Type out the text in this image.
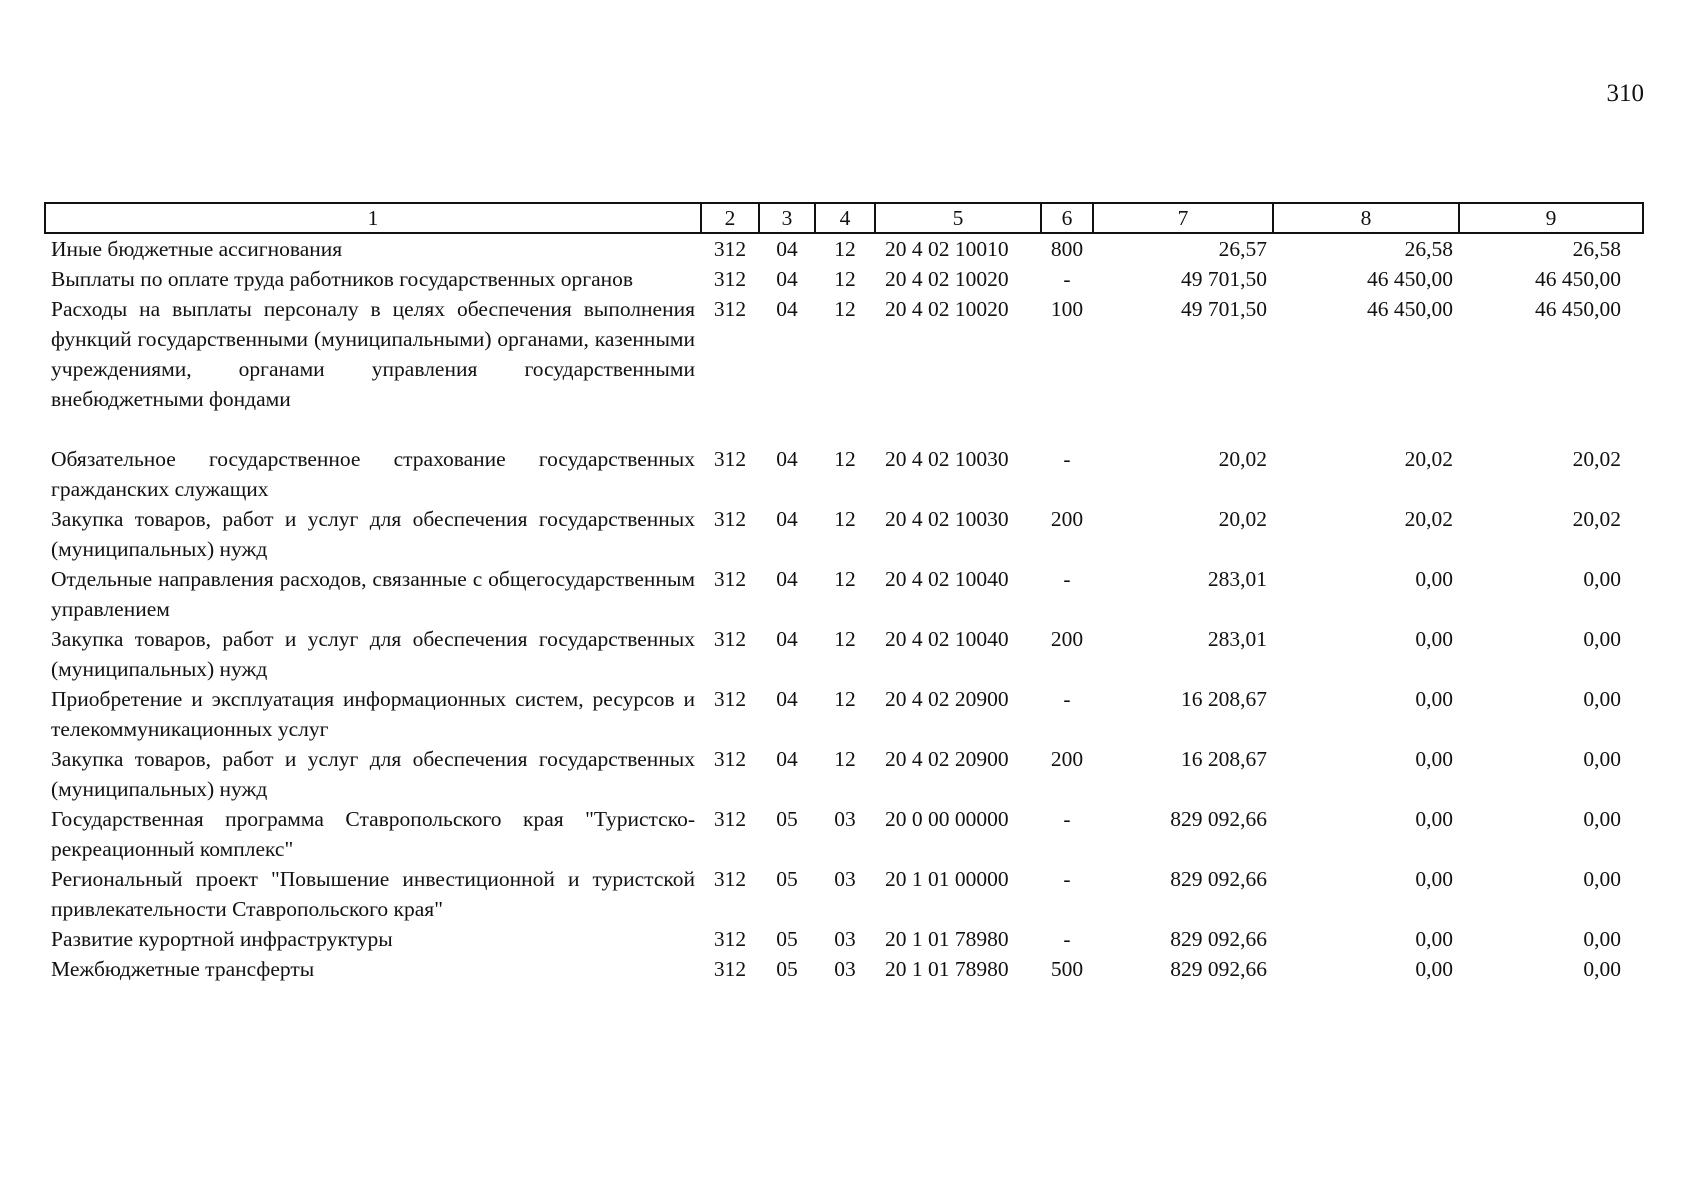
310
1	2	3	4	5	6	7	8	9
Иные бюджетные ассигнования	312	04	12	20 4 02 10010	800	26,57	26,58	26,58
Выплаты по оплате труда работников государственных органов	312	04	12	20 4 02 10020	-	49 701,50	46 450,00	46 450,00
Расходы на выплаты персоналу в целях обеспечения выполнения функций государственными (муниципальными) органами, казенными учреждениями, органами управления государственными внебюджетными фондами	312	04	12	20 4 02 10020	100	49 701,50	46 450,00	46 450,00
Обязательное государственное страхование государственных гражданских служащих	312	04	12	20 4 02 10030	-	20,02	20,02	20,02
Закупка товаров, работ и услуг для обеспечения государственных (муниципальных) нужд	312	04	12	20 4 02 10030	200	20,02	20,02	20,02
Отдельные направления расходов, связанные с общегосударственным управлением	312	04	12	20 4 02 10040	-	283,01	0,00	0,00
Закупка товаров, работ и услуг для обеспечения государственных (муниципальных) нужд	312	04	12	20 4 02 10040	200	283,01	0,00	0,00
Приобретение и эксплуатация информационных систем, ресурсов и телекоммуникационных услуг	312	04	12	20 4 02 20900	-	16 208,67	0,00	0,00
Закупка товаров, работ и услуг для обеспечения государственных (муниципальных) нужд	312	04	12	20 4 02 20900	200	16 208,67	0,00	0,00
Государственная программа Ставропольского края "Туристско-рекреационный комплекс"	312	05	03	20 0 00 00000	-	829 092,66	0,00	0,00
Региональный проект "Повышение инвестиционной и туристской привлекательности Ставропольского края"	312	05	03	20 1 01 00000	-	829 092,66	0,00	0,00
Развитие курортной инфраструктуры	312	05	03	20 1 01 78980	-	829 092,66	0,00	0,00
Межбюджетные трансферты	312	05	03	20 1 01 78980	500	829 092,66	0,00	0,00
